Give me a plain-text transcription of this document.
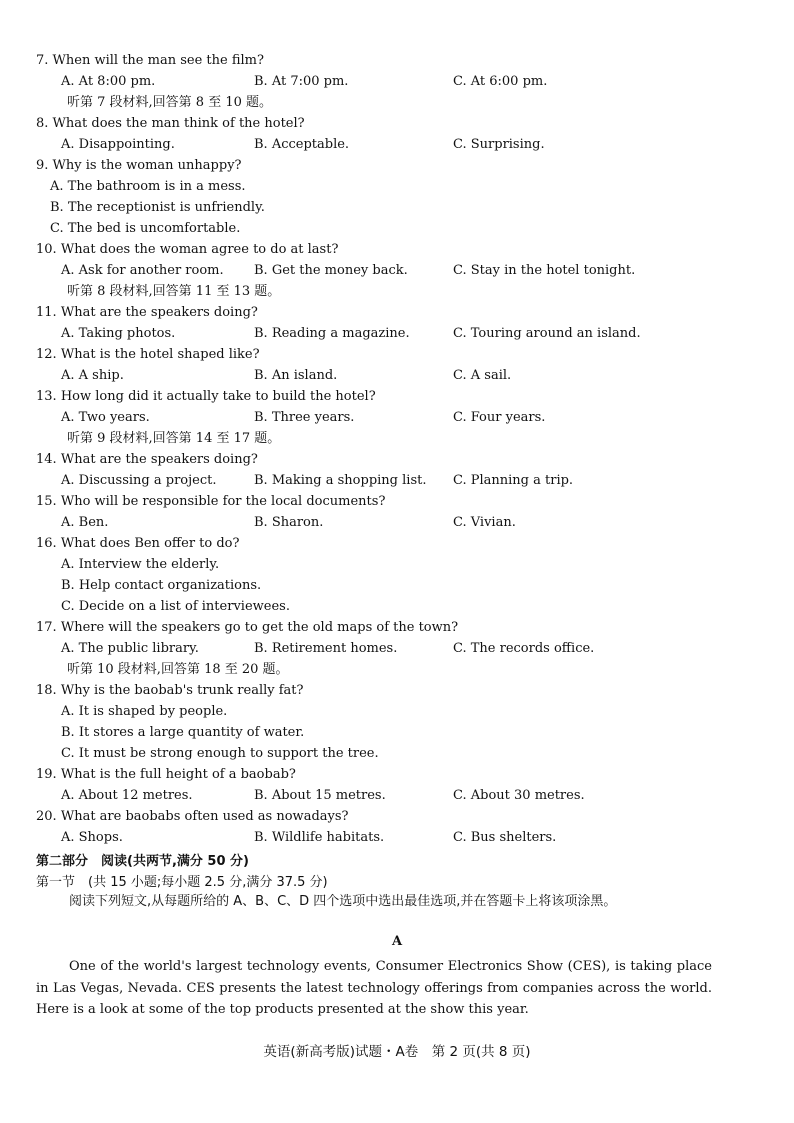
7. When will the man see the film?
A. At 8:00 pm.	B. At 7:00 pm.	C. At 6:00 pm.
听第 7 段材料,回答第 8 至 10 题。
8. What does the man think of the hotel?
A. Disappointing.	B. Acceptable.	C. Surprising.
9. Why is the woman unhappy?
A. The bathroom is in a mess.
B. The receptionist is unfriendly.
C. The bed is uncomfortable.
10. What does the woman agree to do at last?
A. Ask for another room. B. Get the money back.	C. Stay in the hotel tonight.
听第 8 段材料,回答第 11 至 13 题。
11. What are the speakers doing?
A. Taking photos.	B. Reading a magazine.	C. Touring around an island.
12. What is the hotel shaped like?
A. A ship.	B. An island.	C. A sail.
13. How long did it actually take to build the hotel?
A. Two years.	B. Three years.	C. Four years.
听第 9 段材料,回答第 14 至 17 题。
14. What are the speakers doing?
A. Discussing a project.	B. Making a shopping list. C. Planning a trip.
15. Who will be responsible for the local documents?
A. Ben.	B. Sharon.	C. Vivian.
16. What does Ben offer to do?
A. Interview the elderly.
B. Help contact organizations.
C. Decide on a list of interviewees.
17. Where will the speakers go to get the old maps of the town?
A. The public library.	B. Retirement homes.	C. The records office.
听第 10 段材料,回答第 18 至 20 题。
18. Why is the baobab's trunk really fat?
A. It is shaped by people.
B. It stores a large quantity of water.
C. It must be strong enough to support the tree.
19. What is the full height of a baobab?
A. About 12 metres.	B. About 15 metres.	C. About 30 metres.
20. What are baobabs often used as nowadays?
A. Shops.	B. Wildlife habitats.	C. Bus shelters.
第二部分　阅读(共两节,满分 50 分)
第一节　(共 15 小题;每小题 2.5 分,满分 37.5 分)
阅读下列短文,从每题所给的 A、B、C、D 四个选项中选出最佳选项,并在答题卡上将该项涂黑。
A
One of the world's largest technology events, Consumer Electronics Show (CES), is taking place in Las Vegas, Nevada. CES presents the latest technology offerings from companies across the world. Here is a look at some of the top products presented at the show this year.
英语(新高考版)试题・A卷　第 2 页(共 8 页)
